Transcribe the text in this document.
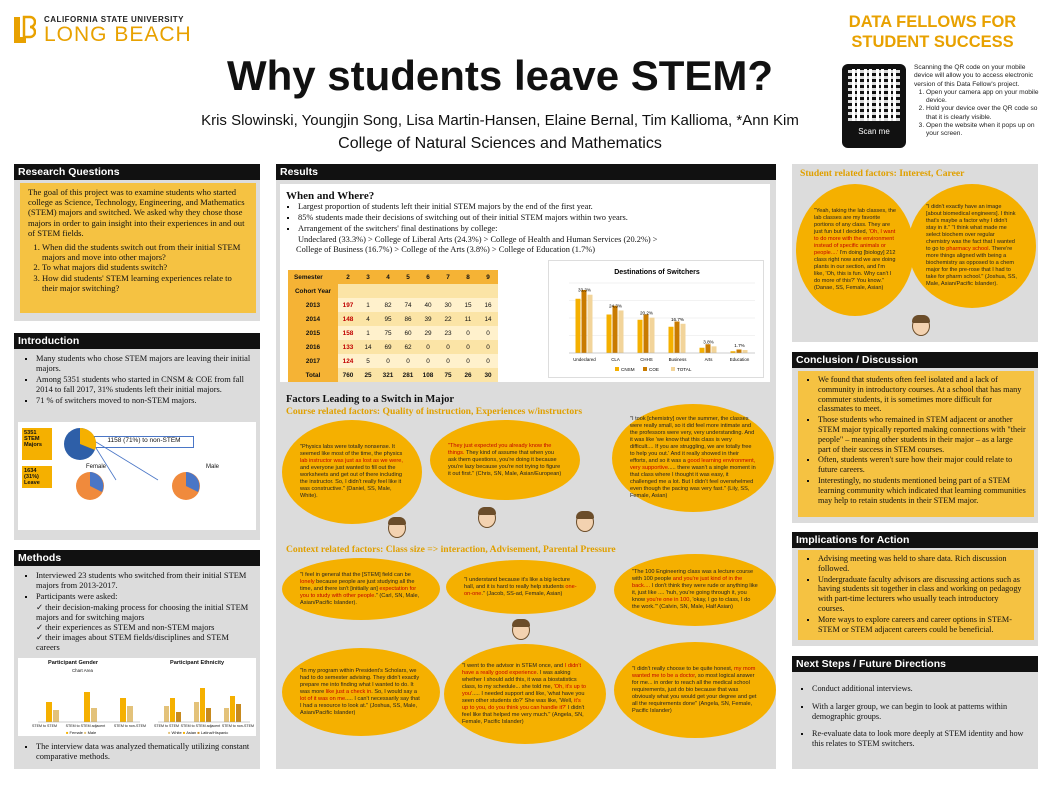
CALIFORNIA STATE UNIVERSITY
LONG BEACH
Why students leave STEM?
Kris Slowinski, Youngjin Song, Lisa Martin-Hansen, Elaine Bernal, Tim Kallioma, *Ann Kim
College of Natural Sciences and Mathematics
DATA FELLOWS FOR STUDENT SUCCESS
Scan me
Scanning the QR code on your mobile device will allow you to access electronic version of this Data Fellow's project.
1. Open your camera app on your mobile device.
2. Hold your device over the QR code so that it is clearly visible.
3. Open the website when it pops up on your screen.
Research Questions
The goal of this project was to examine students who started college as Science, Technology, Engineering, and Mathematics (STEM) majors and switched. We asked why they chose those majors in order to gain insight into their experiences in and out of STEM fields.
1. When did the students switch out from their initial STEM majors and move into other majors?
2. To what majors did students switch?
3. How did students' STEM learning experiences relate to their major switching?
Introduction
▪ Many students who chose STEM majors are leaving their initial majors.
▪ Among 5351 students who started in CNSM & COE from fall 2014 to fall 2017, 31% students left their initial majors.
▪ 71 % of switchers moved to non-STEM majors.
5351 STEM Majors
1634 (31%) Leave
1158 (71%) to non-STEM
Female	Male
Methods
▪ Interviewed 23 students who switched from their initial STEM majors from 2013-2017.
▪ Participants were asked:
✓ their decision-making process for choosing the initial STEM majors and for switching majors
✓ their experiences as STEM and non-STEM majors
✓ their images about STEM fields/disciplines and STEM careers
Participant Gender
Chart Area
Participant Ethnicity
STEM to STEM STEM to STEM adjacent STEM to non-STEM
■ Female ■ Male
STEM to STEM STEM to STEM adjacent STEM to non-STEM
■ White ■ Asian ■ Latina/Hispanic
▪ The interview data was analyzed thematically utilizing constant comparative methods.
Results
When and Where?
▪ Largest proportion of students left their initial STEM majors by the end of the first year.
▪ 85% students made their decisions of switching out of their initial STEM majors within two years.
▪ Arrangement of the switchers' final destinations by college:
Undeclared (33.3%) > College of Liberal Arts (24.3%) > College of Health and Human Services (20.2%) >
College of Business (16.7%) > College of the Arts (3.8%) > College of Education (1.7%)
Semester	2	3	4	5	6	7	8	9
Cohort Year								
2013	197	1	82	74	40	30	15	16
2014	148	4	95	86	39	22	11	14
2015	158	1	75	60	29	23	0	0
2016	133	14	69	62	0	0	0	0
2017	124	5	0	0	0	0	0	0
Total	760	25	321	281	108	75	26	30
Destinations of Switchers
33.3%
Undeclared
24.3%
CLA
20.2%
CHHS
16.7%
Business
3.8%
Arts
1.7%
Education
CNSM	COE	TOTAL
Factors Leading to a Switch in Major
Course related factors: Quality of instruction, Experiences w/instructors
"Physics labs were totally nonsense. It seemed like most of the time, the physics lab instructor was just as lost as we were, and everyone just wanted to fill out the worksheets and get out of there including the instructor. So, I didn't really feel like it was constructive." (Daniel, SS, Male, White).
"They just expected you already know the things. They kind of assume that when you ask them questions, you're doing it because you're lazy because you're not trying to figure it out first." (Chris, SN, Male, Asian/European)
"I took [chemistry] over the summer, the classes were really small, so it did feel more intimate and the professors were very, very understanding. And it was like 'we know that this class is very difficult.... If you are struggling, we are totally free to help you out.' And it really showed in their efforts, and so it was a good learning environment, very supportive..... there wasn't a single moment in that class where I thought it was easy, it challenged me a lot. But I didn't feel overwhelmed even though the pacing was very fast." (Lily, SS, Female, Asian)
Context related factors: Class size => interaction, Advisement, Parental Pressure
"I feel in general that the [STEM] field can be lonely because people are just studying all the time, and there isn't [initially an] expectation for you to study with other people." (Carl, SN, Male, Asian/Pacific Islander).
"I understand because it's like a big lecture hall, and it is hard to really help students one-on-one." (Jacob, SS-ad, Female, Asian)
"The 100 Engineering class was a lecture course with 100 people and you're just kind of in the back.... I don't think they were rude or anything like it, just like .... 'huh, you're going through it, you know you're one in 100, 'okay, I go to class, I do the work.'" (Calvin, SN, Male, Half Asian)
"In my program within President's Scholars, we had to do semester advising. They didn't exactly prepare me into finding what I wanted to do. It was more like just a check in. So, I would say a lot of it was on me..... I can't necessarily say that I had a resource to look at." (Joshua, SS, Male, Asian/Pacific Islander)
"I went to the advisor in STEM once, and I didn't have a really good experience. I was asking whether I should add this, it was a biostatistics class, to my schedule... she told me, 'Oh, it's up to you'..... I needed support and like, 'what have you seen other students do?' She was like, 'Well, it's up to you, do you think you can handle it?' I didn't feel like that helped me very much." (Angela, SN, Female, Pacific Islander)
"I didn't really choose to be quite honest, my mom wanted me to be a doctor, so most logical answer for me... in order to reach all the medical school requirements, just do bio because that was obviously what you would get your degree and get all the requirements done" (Angela, SN, Female, Pacific Islander)
Student related factors: Interest, Career
"Yeah, taking the lab classes, the lab classes are my favorite portions of any class. They are just fun but I decided, 'Oh, I want to do more with the environment instead of specific animals or people....' I'm doing [biology] 212 class right now and we are doing plants in our section, and I'm like, 'Oh, this is fun. Why can't I do more of this?' You know." (Danae, SS, Female, Asian)
"I didn't exactly have an image [about biomedical engineers]. I think that's maybe a factor why I didn't stay in it." "I think what made me select biochem over regular chemistry was the fact that I wanted to go to pharmacy school. There're more things aligned with being a biochemistry as opposed to a chem major for the pre-rose that I had to take for pharm school." (Joshua, SS, Male, Asian/Pacific Islander).
Conclusion / Discussion
▪ We found that students often feel isolated and a lack of community in introductory courses. At a school that has many commuter students, it is sometimes more difficult for classmates to meet.
▪ Those students who remained in STEM adjacent or another STEM major typically reported making connections with "their people" – meaning other students in their major – as a large part of their success in STEM courses.
▪ Often, students weren't sure how their major could relate to future careers.
▪ Interestingly, no students mentioned being part of a STEM learning community which indicated that learning communities may help to retain students in their STEM major.
Implications for Action
▪ Advising meeting was held to share data. Rich discussion followed.
▪ Undergraduate faculty advisors are discussing actions such as having students sit together in class and working on pedagogy with part-time lecturers who usually teach introductory courses.
▪ More ways to explore careers and career options in STEM-STEM or STEM adjacent careers could be beneficial.
Next Steps / Future Directions
▪ Conduct additional interviews.
▪ With a larger group, we can begin to look at patterns within demographic groups.
▪ Re-evaluate data to look more deeply at STEM identity and how this relates to STEM switchers.
